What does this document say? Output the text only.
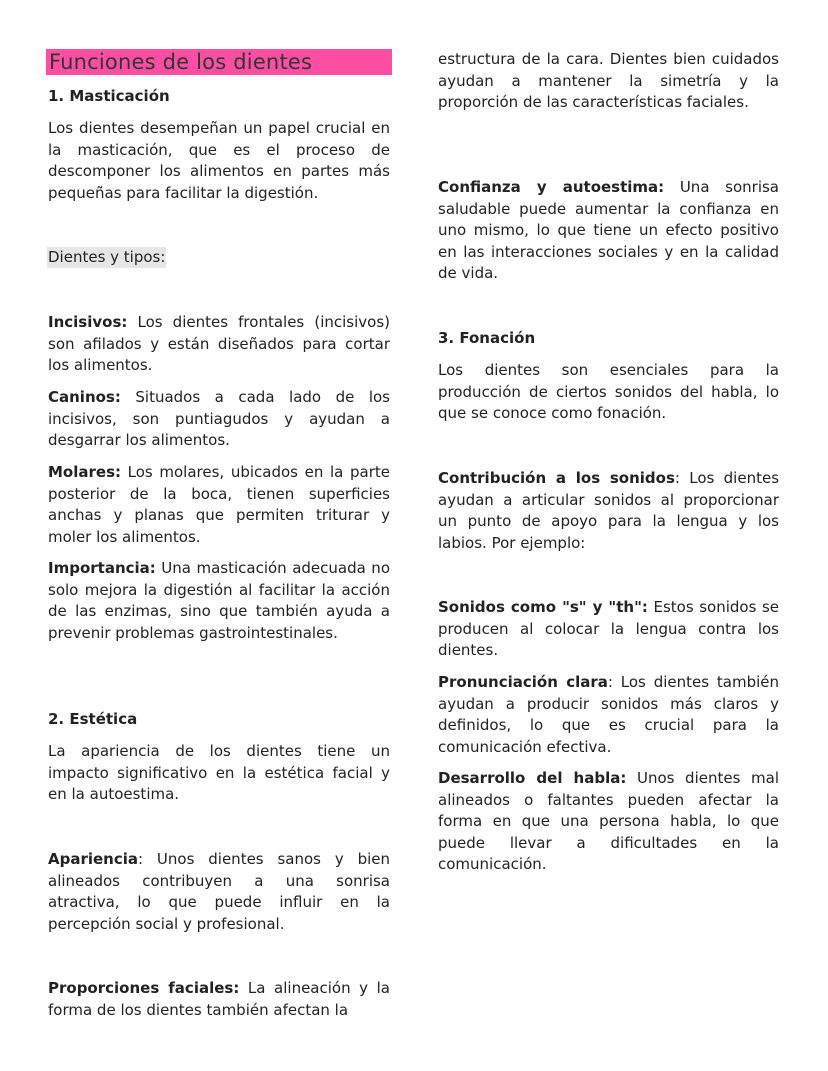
Funciones de los dientes
1. Masticación

Los dientes desempeñan un papel crucial en la masticación, que es el proceso de descomponer los alimentos en partes más pequeñas para facilitar la digestión.

Dientes y tipos:

Incisivos: Los dientes frontales (incisivos) son afilados y están diseñados para cortar los alimentos.

Caninos: Situados a cada lado de los incisivos, son puntiagudos y ayudan a desgarrar los alimentos.

Molares: Los molares, ubicados en la parte posterior de la boca, tienen superficies anchas y planas que permiten triturar y moler los alimentos.

Importancia: Una masticación adecuada no solo mejora la digestión al facilitar la acción de las enzimas, sino que también ayuda a prevenir problemas gastrointestinales.

2. Estética

La apariencia de los dientes tiene un impacto significativo en la estética facial y en la autoestima.

Apariencia: Unos dientes sanos y bien alineados contribuyen a una sonrisa atractiva, lo que puede influir en la percepción social y profesional.

Proporciones faciales: La alineación y la forma de los dientes también afectan la

estructura de la cara. Dientes bien cuidados ayudan a mantener la simetría y la proporción de las características faciales.

Confianza y autoestima: Una sonrisa saludable puede aumentar la confianza en uno mismo, lo que tiene un efecto positivo en las interacciones sociales y en la calidad de vida.

3. Fonación

Los dientes son esenciales para la producción de ciertos sonidos del habla, lo que se conoce como fonación.

Contribución a los sonidos: Los dientes ayudan a articular sonidos al proporcionar un punto de apoyo para la lengua y los labios. Por ejemplo:

Sonidos como "s" y "th": Estos sonidos se producen al colocar la lengua contra los dientes.

Pronunciación clara: Los dientes también ayudan a producir sonidos más claros y definidos, lo que es crucial para la comunicación efectiva.

Desarrollo del habla: Unos dientes mal alineados o faltantes pueden afectar la forma en que una persona habla, lo que puede llevar a dificultades en la comunicación.
